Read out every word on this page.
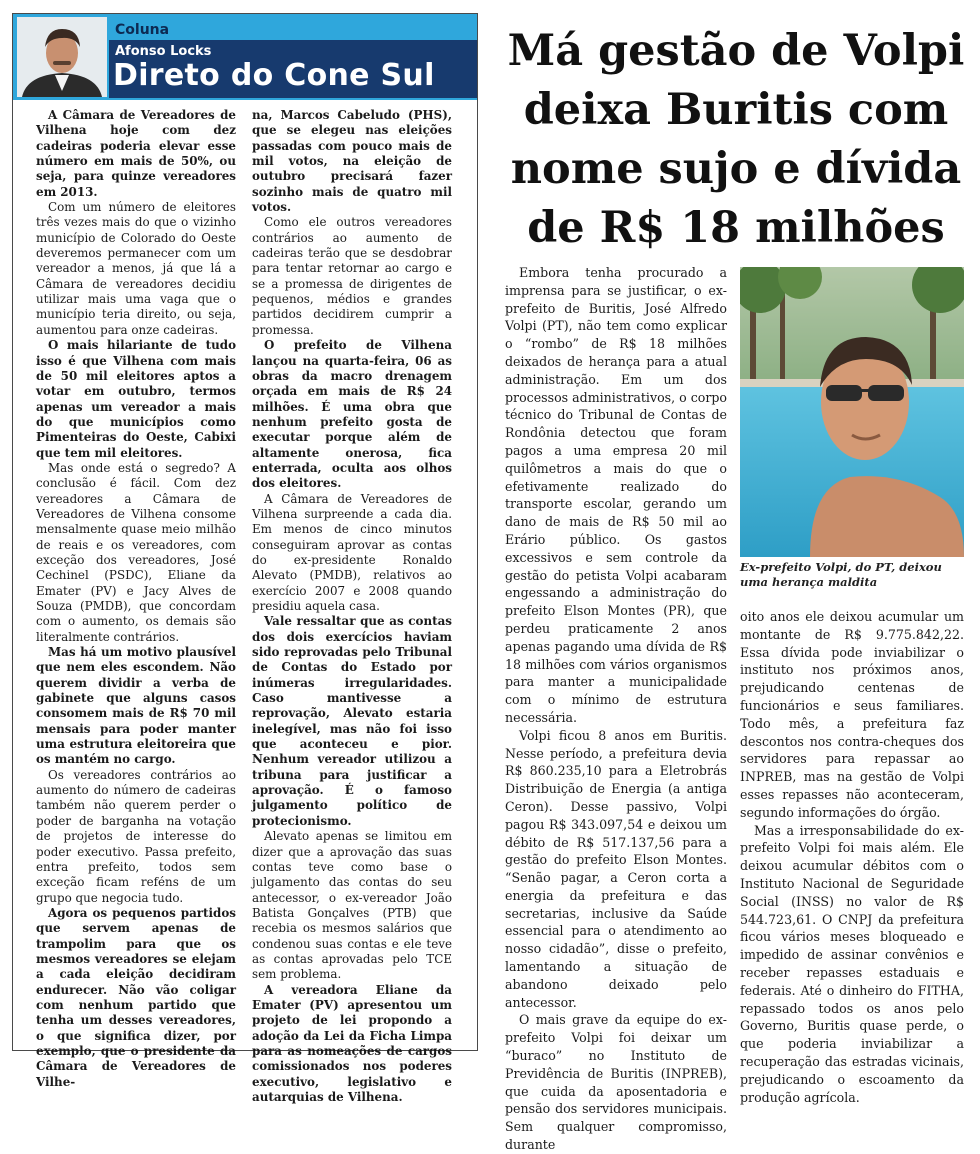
Coluna
Afonso Locks
Direto do Cone Sul

A Câmara de Vereadores de Vilhena hoje com dez cadeiras poderia elevar esse número em mais de 50%, ou seja, para quinze vereadores em 2013.

Com um número de eleitores três vezes mais do que o vizinho município de Colorado do Oeste deveremos permanecer com um vereador a menos, já que lá a Câmara de vereadores decidiu utilizar mais uma vaga que o município teria direito, ou seja, aumentou para onze cadeiras.

O mais hilariante de tudo isso é que Vilhena com mais de 50 mil eleitores aptos a votar em outubro, termos apenas um vereador a mais do que municípios como Pimenteiras do Oeste, Cabixi que tem mil eleitores.

Mas onde está o segredo? A conclusão é fácil. Com dez vereadores a Câmara de Vereadores de Vilhena consome mensalmente quase meio milhão de reais e os vereadores, com exceção dos vereadores, José Cechinel (PSDC), Eliane da Emater (PV) e Jacy Alves de Souza (PMDB), que concordam com o aumento, os demais são literalmente contrários.

Mas há um motivo plausível que nem eles escondem. Não querem dividir a verba de gabinete que alguns casos consomem mais de R$ 70 mil mensais para poder manter uma estrutura eleitoreira que os mantém no cargo.

Os vereadores contrários ao aumento do número de cadeiras também não querem perder o poder de barganha na votação de projetos de interesse do poder executivo. Passa prefeito, entra prefeito, todos sem exceção ficam reféns de um grupo que negocia tudo.

Agora os pequenos partidos que servem apenas de trampolim para que os mesmos vereadores se elejam a cada eleição decidiram endurecer. Não vão coligar com nenhum partido que tenha um desses vereadores, o que significa dizer, por exemplo, que o presidente da Câmara de Vereadores de Vilhe-

na, Marcos Cabeludo (PHS), que se elegeu nas eleições passadas com pouco mais de mil votos, na eleição de outubro precisará fazer sozinho mais de quatro mil votos.

Como ele outros vereadores contrários ao aumento de cadeiras terão que se desdobrar para tentar retornar ao cargo e se a promessa de dirigentes de pequenos, médios e grandes partidos decidirem cumprir a promessa.

O prefeito de Vilhena lançou na quarta-feira, 06 as obras da macro drenagem orçada em mais de R$ 24 milhões. É uma obra que nenhum prefeito gosta de executar porque além de altamente onerosa, fica enterrada, oculta aos olhos dos eleitores.

A Câmara de Vereadores de Vilhena surpreende a cada dia. Em menos de cinco minutos conseguiram aprovar as contas do ex-presidente Ronaldo Alevato (PMDB), relativos ao exercício 2007 e 2008 quando presidiu aquela casa.

Vale ressaltar que as contas dos dois exercícios haviam sido reprovadas pelo Tribunal de Contas do Estado por inúmeras irregularidades. Caso mantivesse a reprovação, Alevato estaria inelegível, mas não foi isso que aconteceu e pior. Nenhum vereador utilizou a tribuna para justificar a aprovação. É o famoso julgamento político de protecionismo.

Alevato apenas se limitou em dizer que a aprovação das suas contas teve como base o julgamento das contas do seu antecessor, o ex-vereador João Batista Gonçalves (PTB) que recebia os mesmos salários que condenou suas contas e ele teve as contas aprovadas pelo TCE sem problema.

A vereadora Eliane da Emater (PV) apresentou um projeto de lei propondo a adoção da Lei da Ficha Limpa para as nomeações de cargos comissionados nos poderes executivo, legislativo e autarquias de Vilhena.

Má gestão de Volpi deixa Buritis com nome sujo e dívida de R$ 18 milhões

Embora tenha procurado a imprensa para se justificar, o ex-prefeito de Buritis, José Alfredo Volpi (PT), não tem como explicar o “rombo” de R$ 18 milhões deixados de herança para a atual administração. Em um dos processos administrativos, o corpo técnico do Tribunal de Contas de Rondônia detectou que foram pagos a uma empresa 20 mil quilômetros a mais do que o efetivamente realizado do transporte escolar, gerando um dano de mais de R$ 50 mil ao Erário público. Os gastos excessivos e sem controle da gestão do petista Volpi acabaram engessando a administração do prefeito Elson Montes (PR), que perdeu praticamente 2 anos apenas pagando uma dívida de R$ 18 milhões com vários organismos para manter a municipalidade com o mínimo de estrutura necessária.

Volpi ficou 8 anos em Buritis. Nesse período, a prefeitura devia R$ 860.235,10 para a Eletrobrás Distribuição de Energia (a antiga Ceron). Desse passivo, Volpi pagou R$ 343.097,54 e deixou um débito de R$ 517.137,56 para a gestão do prefeito Elson Montes. “Senão pagar, a Ceron corta a energia da prefeitura e das secretarias, inclusive da Saúde essencial para o atendimento ao nosso cidadão”, disse o prefeito, lamentando a situação de abandono deixado pelo antecessor.

O mais grave da equipe do ex-prefeito Volpi foi deixar um “buraco” no Instituto de Previdência de Buritis (INPREB), que cuida da aposentadoria e pensão dos servidores municipais. Sem qualquer compromisso, durante

Ex-prefeito Volpi, do PT, deixou uma herança maldita

oito anos ele deixou acumular um montante de R$ 9.775.842,22. Essa dívida pode inviabilizar o instituto nos próximos anos, prejudicando centenas de funcionários e seus familiares. Todo mês, a prefeitura faz descontos nos contra-cheques dos servidores para repassar ao INPREB, mas na gestão de Volpi esses repasses não aconteceram, segundo informações do órgão.

Mas a irresponsabilidade do ex-prefeito Volpi foi mais além. Ele deixou acumular débitos com o Instituto Nacional de Seguridade Social (INSS) no valor de R$ 544.723,61. O CNPJ da prefeitura ficou vários meses bloqueado e impedido de assinar convênios e receber repasses estaduais e federais. Até o dinheiro do FITHA, repassado todos os anos pelo Governo, Buritis quase perde, o que poderia inviabilizar a recuperação das estradas vicinais, prejudicando o escoamento da produção agrícola.
